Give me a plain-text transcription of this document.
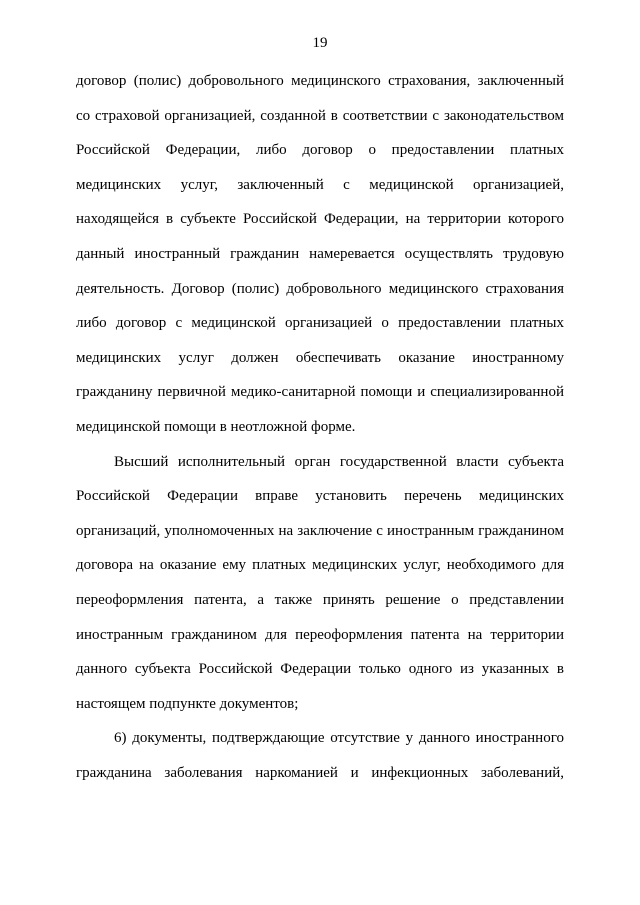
19
договор (полис) добровольного медицинского страхования, заключенный
со страховой организацией, созданной в соответствии с законодательством
Российской Федерации, либо договор о предоставлении платных
медицинских услуг, заключенный с медицинской организацией,
находящейся в субъекте Российской Федерации, на территории которого
данный иностранный гражданин намеревается осуществлять трудовую
деятельность. Договор (полис) добровольного медицинского страхования
либо договор с медицинской организацией о предоставлении платных
медицинских услуг должен обеспечивать оказание иностранному
гражданину первичной медико-санитарной помощи и специализированной
медицинской помощи в неотложной форме.
Высший исполнительный орган государственной власти субъекта
Российской Федерации вправе установить перечень медицинских
организаций, уполномоченных на заключение с иностранным гражданином
договора на оказание ему платных медицинских услуг, необходимого для
переоформления патента, а также принять решение о представлении
иностранным гражданином для переоформления патента на территории
данного субъекта Российской Федерации только одного из указанных в
настоящем подпункте документов;
6) документы, подтверждающие отсутствие у данного иностранного
гражданина заболевания наркоманией и инфекционных заболеваний,
